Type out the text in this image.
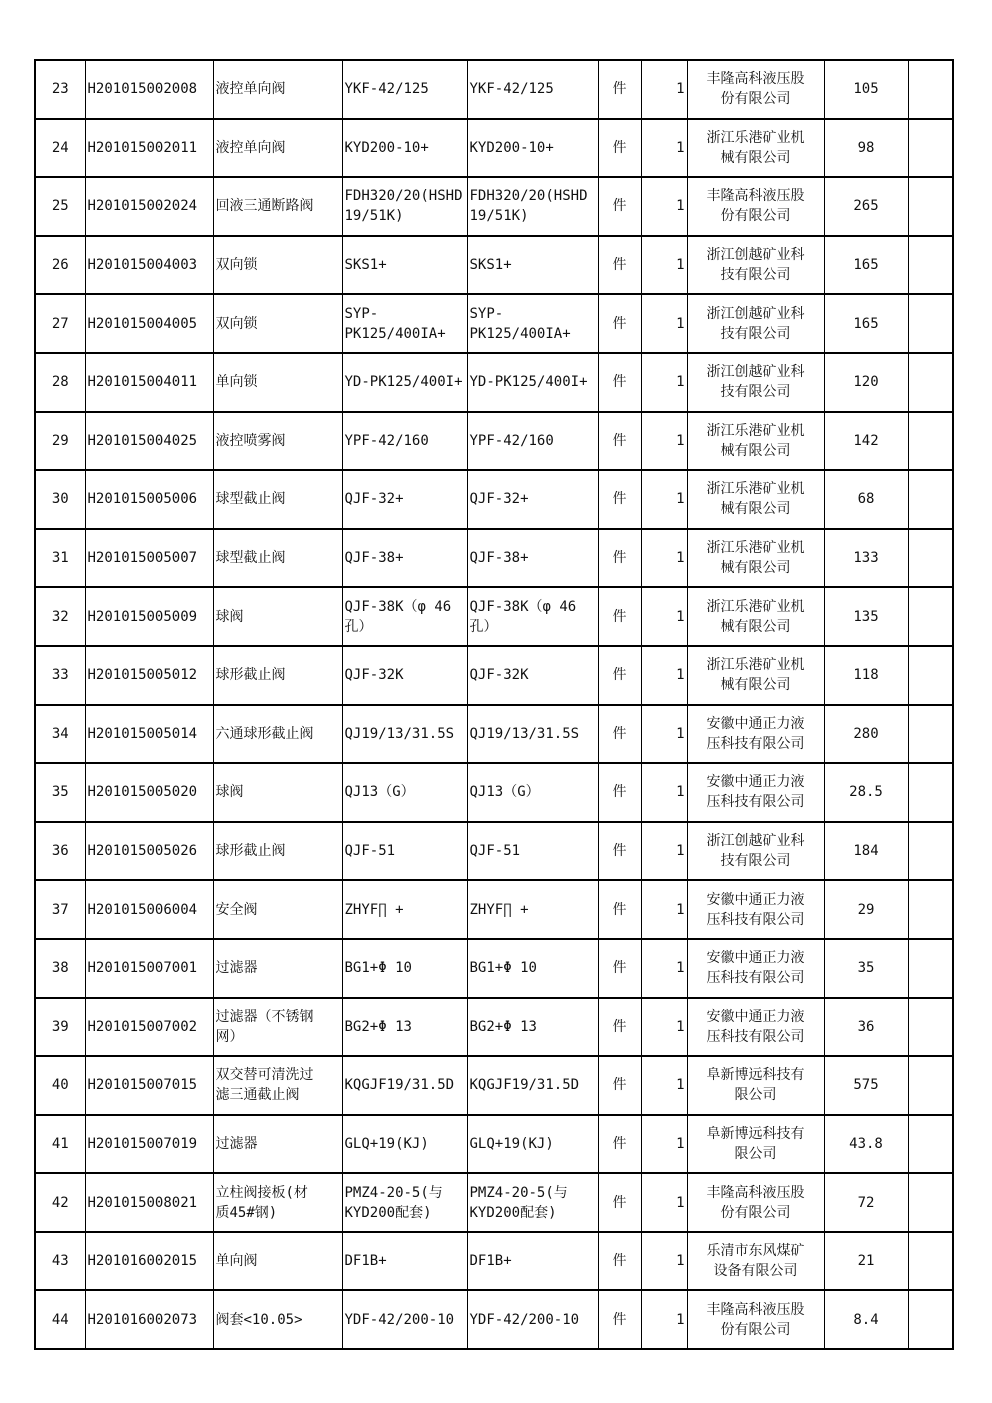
23	H201015002008	液控单向阀	YKF-42/125	YKF-42/125	件	1	丰隆高科液压股
份有限公司	105	
24	H201015002011	液控单向阀	KYD200-10+	KYD200-10+	件	1	浙江乐港矿业机
械有限公司	98	
25	H201015002024	回液三通断路阀	FDH320/20(HSHD
19/51K)	FDH320/20(HSHD
19/51K)	件	1	丰隆高科液压股
份有限公司	265	
26	H201015004003	双向锁	SKS1+	SKS1+	件	1	浙江创越矿业科
技有限公司	165	
27	H201015004005	双向锁	SYP-
PK125/400IA+	SYP-
PK125/400IA+	件	1	浙江创越矿业科
技有限公司	165	
28	H201015004011	单向锁	YD-PK125/400I+	YD-PK125/400I+	件	1	浙江创越矿业科
技有限公司	120	
29	H201015004025	液控喷雾阀	YPF-42/160	YPF-42/160	件	1	浙江乐港矿业机
械有限公司	142	
30	H201015005006	球型截止阀	QJF-32+	QJF-32+	件	1	浙江乐港矿业机
械有限公司	68	
31	H201015005007	球型截止阀	QJF-38+	QJF-38+	件	1	浙江乐港矿业机
械有限公司	133	
32	H201015005009	球阀	QJF-38K（φ 46
孔）	QJF-38K（φ 46
孔）	件	1	浙江乐港矿业机
械有限公司	135	
33	H201015005012	球形截止阀	QJF-32K	QJF-32K	件	1	浙江乐港矿业机
械有限公司	118	
34	H201015005014	六通球形截止阀	QJ19/13/31.5S	QJ19/13/31.5S	件	1	安徽中通正力液
压科技有限公司	280	
35	H201015005020	球阀	QJ13（G）	QJ13（G）	件	1	安徽中通正力液
压科技有限公司	28.5	
36	H201015005026	球形截止阀	QJF-51	QJF-51	件	1	浙江创越矿业科
技有限公司	184	
37	H201015006004	安全阀	ZHYF∏ +	ZHYF∏ +	件	1	安徽中通正力液
压科技有限公司	29	
38	H201015007001	过滤器	BG1+Φ 10	BG1+Φ 10	件	1	安徽中通正力液
压科技有限公司	35	
39	H201015007002	过滤器（不锈钢
网）	BG2+Φ 13	BG2+Φ 13	件	1	安徽中通正力液
压科技有限公司	36	
40	H201015007015	双交替可清洗过
滤三通截止阀	KQGJF19/31.5D	KQGJF19/31.5D	件	1	阜新博远科技有
限公司	575	
41	H201015007019	过滤器	GLQ+19(KJ)	GLQ+19(KJ)	件	1	阜新博远科技有
限公司	43.8	
42	H201015008021	立柱阀接板(材
质45#钢)	PMZ4-20-5(与
KYD200配套)	PMZ4-20-5(与
KYD200配套)	件	1	丰隆高科液压股
份有限公司	72	
43	H201016002015	单向阀	DF1B+	DF1B+	件	1	乐清市东风煤矿
设备有限公司	21	
44	H201016002073	阀套<10.05>	YDF-42/200-10	YDF-42/200-10	件	1	丰隆高科液压股
份有限公司	8.4	
